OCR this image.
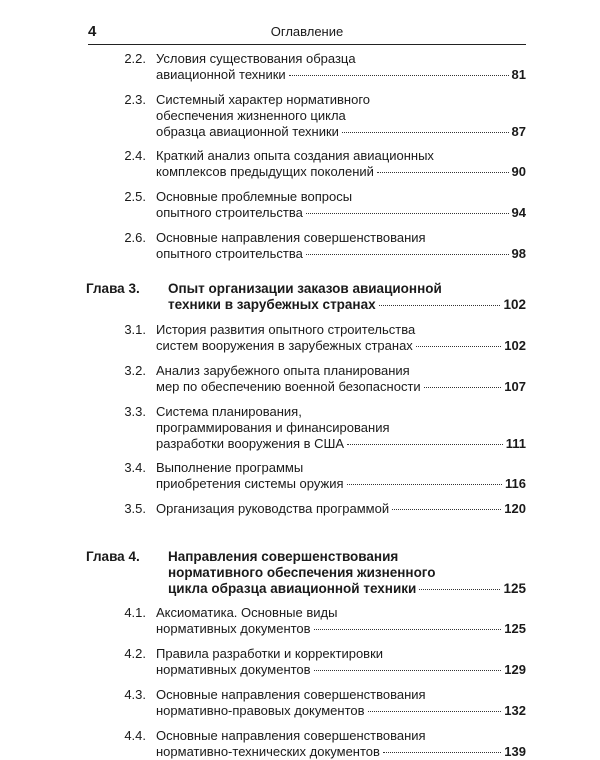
4	Оглавление
2.2. Условия существования образца
авиационной техники	81
2.3. Системный характер нормативного
обеспечения жизненного цикла
образца авиационной техники	87
2.4. Краткий анализ опыта создания авиационных
комплексов предыдущих поколений	90
2.5. Основные проблемные вопросы
опытного строительства	94
2.6. Основные направления совершенствования
опытного строительства	98
Глава 3.	Опыт организации заказов авиационной
техники в зарубежных странах	102
3.1. История развития опытного строительства
систем вооружения в зарубежных странах	102
3.2. Анализ зарубежного опыта планирования
мер по обеспечению военной безопасности	107
3.3. Система планирования,
программирования и финансирования
разработки вооружения в США	111
3.4. Выполнение программы
приобретения системы оружия	116
3.5. Организация руководства программой	120
Глава 4.	Направления совершенствования
нормативного обеспечения жизненного
цикла образца авиационной техники	125
4.1. Аксиоматика. Основные виды
нормативных документов	125
4.2. Правила разработки и корректировки
нормативных документов	129
4.3. Основные направления совершенствования
нормативно-правовых документов	132
4.4. Основные направления совершенствования
нормативно-технических документов	139
